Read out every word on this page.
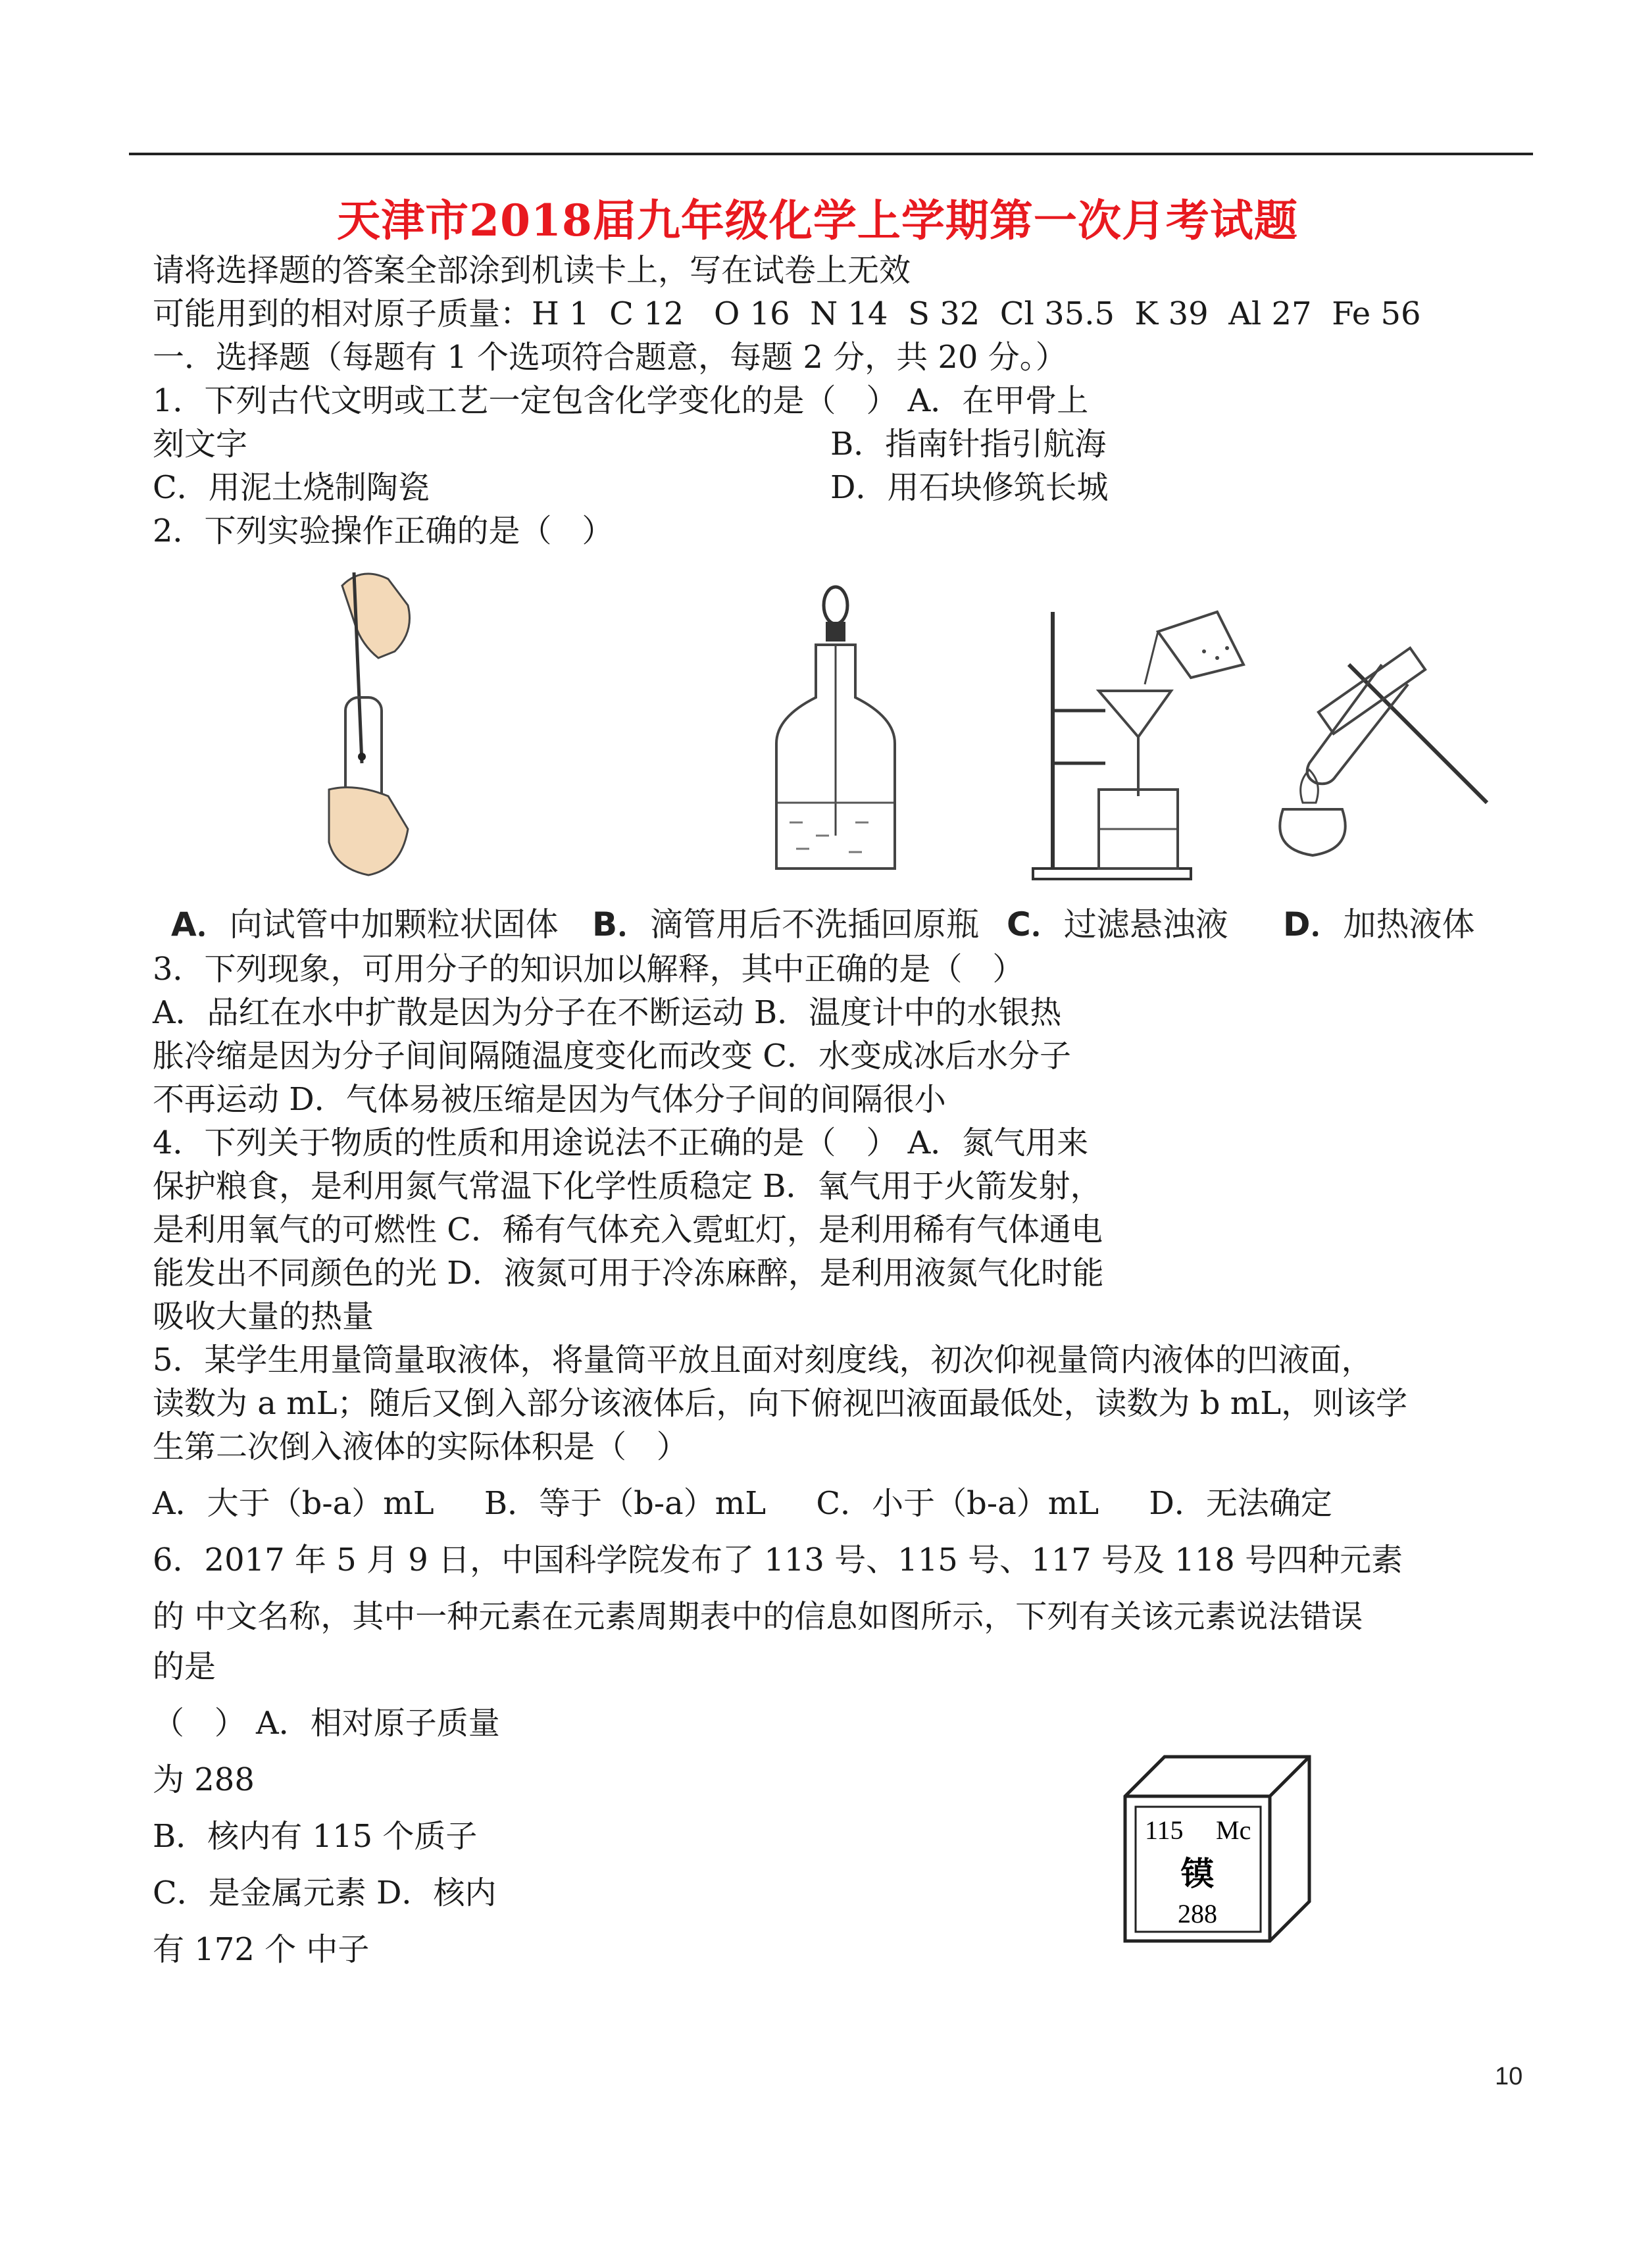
天津市2018届九年级化学上学期第一次月考试题
请将选择题的答案全部涂到机读卡上，写在试卷上无效
可能用到的相对原子质量：H 1  C 12   O 16  N 14  S 32  Cl 35.5  K 39  Al 27  Fe 56
一．选择题（每题有 1 个选项符合题意，每题 2 分，共 20 分。）
1．下列古代文明或工艺一定包含化学变化的是（   ） A．在甲骨上
刻文字	B．指南针指引航海
C．用泥土烧制陶瓷	D．用石块修筑长城
2．下列实验操作正确的是（   ）
A．向试管中加颗粒状固体 B．滴管用后不洗插回原瓶 C．过滤悬浊液 D．加热液体
3．下列现象，可用分子的知识加以解释，其中正确的是（   ）
A．品红在水中扩散是因为分子在不断运动 B．温度计中的水银热
胀冷缩是因为分子间间隔随温度变化而改变 C．水变成冰后水分子
不再运动 D．气体易被压缩是因为气体分子间的间隔很小
4．下列关于物质的性质和用途说法不正确的是（   ） A．氮气用来
保护粮食，是利用氮气常温下化学性质稳定 B．氧气用于火箭发射，
是利用氧气的可燃性 C．稀有气体充入霓虹灯，是利用稀有气体通电
能发出不同颜色的光 D．液氮可用于冷冻麻醉，是利用液氮气化时能
吸收大量的热量
5．某学生用量筒量取液体，将量筒平放且面对刻度线，初次仰视量筒内液体的凹液面，
读数为 a mL；随后又倒入部分该液体后，向下俯视凹液面最低处，读数为 b mL，则该学
生第二次倒入液体的实际体积是（   ）
A．大于（b-a）mL     B．等于（b-a）mL     C．小于（b-a）mL     D．无法确定
6．2017 年 5 月 9 日，中国科学院发布了 113 号、115 号、117 号及 118 号四种元素
的 中文名称，其中一种元素在元素周期表中的信息如图所示，下列有关该元素说法错误
的是
（   ） A．相对原子质量
为 288
B．核内有 115 个质子
C．是金属元素 D．核内
有 172 个 中子
115 Mc
镆
288
10
